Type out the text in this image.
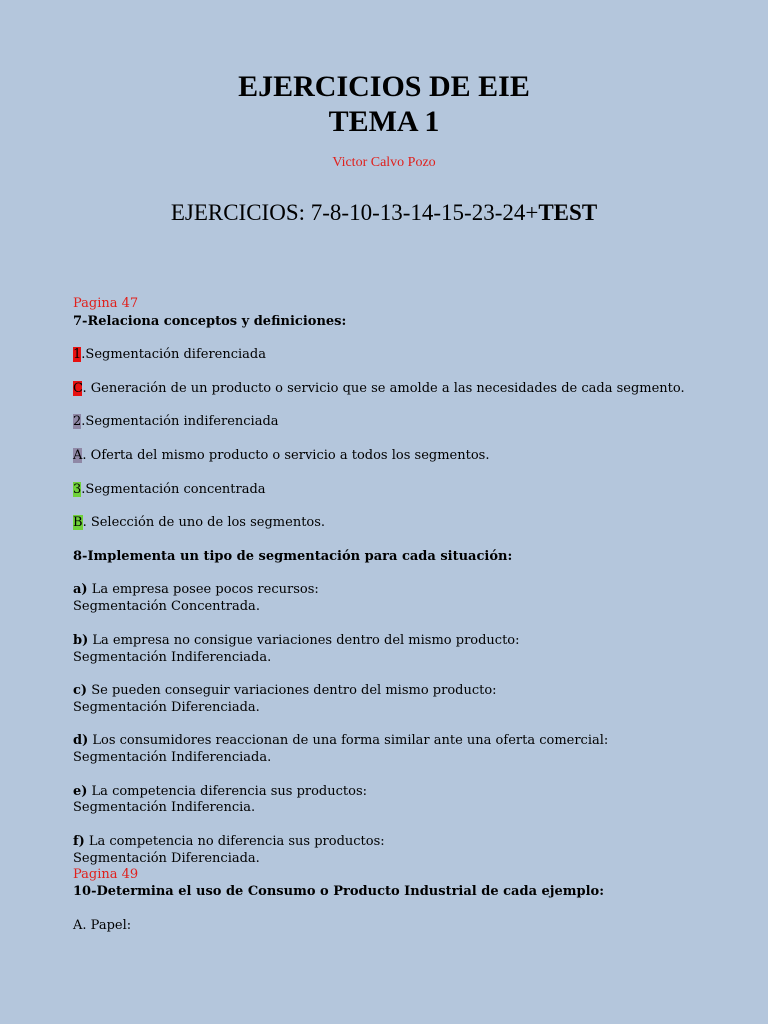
EJERCICIOS DE EIE
TEMA 1
Victor Calvo Pozo
EJERCICIOS: 7-8-10-13-14-15-23-24+TEST
Pagina 47
7-Relaciona conceptos y definiciones:
1.Segmentación diferenciada
C. Generación de un producto o servicio que se amolde a las necesidades de cada segmento.
2.Segmentación indiferenciada
A. Oferta del mismo producto o servicio a todos los segmentos.
3.Segmentación concentrada
B. Selección de uno de los segmentos.
8-Implementa un tipo de segmentación para cada situación:
a) La empresa posee pocos recursos:
Segmentación Concentrada.
b) La empresa no consigue variaciones dentro del mismo producto:
Segmentación Indiferenciada.
c) Se pueden conseguir variaciones dentro del mismo producto:
Segmentación Diferenciada.
d) Los consumidores reaccionan de una forma similar ante una oferta comercial:
Segmentación Indiferenciada.
e) La competencia diferencia sus productos:
Segmentación Indiferencia.
f) La competencia no diferencia sus productos:
Segmentación Diferenciada.
Pagina 49
10-Determina el uso de Consumo o Producto Industrial de cada ejemplo:
A. Papel:
